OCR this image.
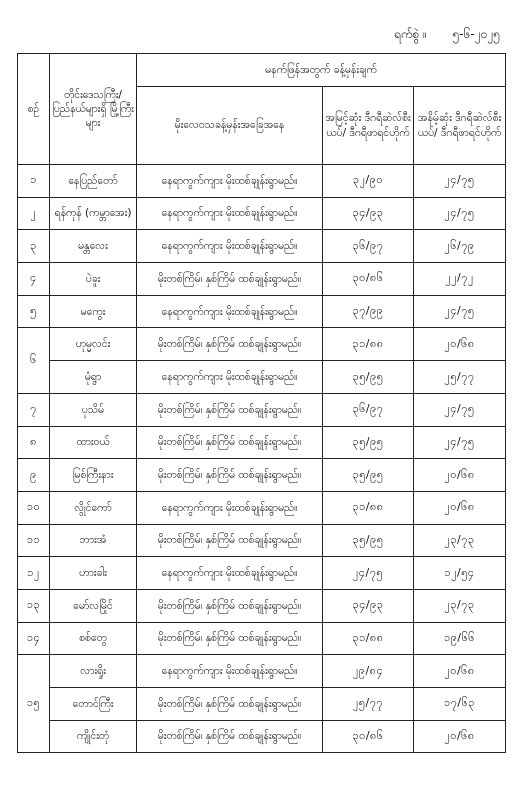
ရက်စွဲ ။ ၅-၆-၂၀၂၅
စဉ်	တိုင်းဒေသကြီး/ ပြည်နယ်များရှိ မြို့ကြီးများ	မနက်ဖြန်အတွက် ခန့်မှန်းချက်		
		မိုးလေဝသခန့်မှန်းအခြေအနေ	အမြင့်ဆုံး ဒီဂရီဆဲလ်စီးယပ်/ ဒီဂရီဖာရင်ဟိုက်	အနိမ့်ဆုံး ဒီဂရီဆဲလ်စီးယပ်/ ဒီဂရီဖာရင်ဟိုက်
၁	နေပြည်တော်	နေရာကွက်ကျား မိုးထစ်ချုန်းရွာမည်။	၃၂/၉၀	၂၄/၇၅
၂	ရန်ကုန် (ကမ္ဘာအေး)	နေရာကွက်ကျား မိုးထစ်ချုန်းရွာမည်။	၃၄/၉၃	၂၄/၇၅
၃	မန္တလေး	နေရာကွက်ကျား မိုးထစ်ချုန်းရွာမည်။	၃၆/၉၇	၂၆/၇၉
၄	ပဲခူး	မိုးတစ်ကြိမ်၊ နှစ်ကြိမ် ထစ်ချုန်းရွာမည်။	၃၀/၈၆	၂၂/၇၂
၅	မကွေး	နေရာကွက်ကျား မိုးထစ်ချုန်းရွာမည်။	၃၇/၉၉	၂၄/၇၅
၆	ဟုမ္မလင်း	မိုးတစ်ကြိမ်၊ နှစ်ကြိမ် ထစ်ချုန်းရွာမည်။	၃၁/၈၈	၂၀/၆၈
	မုံရွာ	နေရာကွက်ကျား မိုးထစ်ချုန်းရွာမည်။	၃၅/၉၅	၂၅/၇၇
၇	ပုသိမ်	မိုးတစ်ကြိမ်၊ နှစ်ကြိမ် ထစ်ချုန်းရွာမည်။	၃၆/၉၇	၂၄/၇၅
၈	ထားဝယ်	မိုးတစ်ကြိမ်၊ နှစ်ကြိမ် ထစ်ချုန်းရွာမည်။	၃၅/၉၅	၂၄/၇၅
၉	မြစ်ကြီးနား	မိုးတစ်ကြိမ်၊ နှစ်ကြိမ် ထစ်ချုန်းရွာမည်။	၃၅/၉၅	၂၀/၆၈
၁၀	လွိုင်ကော်	နေရာကွက်ကျား မိုးထစ်ချုန်းရွာမည်။	၃၁/၈၈	၂၀/၆၈
၁၁	ဘားအံ	မိုးတစ်ကြိမ်၊ နှစ်ကြိမ် ထစ်ချုန်းရွာမည်။	၃၅/၉၅	၂၃/၇၃
၁၂	ဟားခါး	နေရာကွက်ကျား မိုးထစ်ချုန်းရွာမည်။	၂၄/၇၅	၁၂/၅၄
၁၃	မော်လမြိုင်	မိုးတစ်ကြိမ်၊ နှစ်ကြိမ် ထစ်ချုန်းရွာမည်။	၃၄/၉၃	၂၃/၇၃
၁၄	စစ်တွေ	မိုးတစ်ကြိမ်၊ နှစ်ကြိမ် ထစ်ချုန်းရွာမည်။	၃၁/၈၈	၁၉/၆၆
၁၅	လားရှိုး	နေရာကွက်ကျား မိုးထစ်ချုန်းရွာမည်။	၂၉/၈၄	၂၀/၆၈
	တောင်ကြီး	မိုးတစ်ကြိမ်၊ နှစ်ကြိမ် ထစ်ချုန်းရွာမည်။	၂၅/၇၇	၁၇/၆၃
	ကျိုင်းတုံ	မိုးတစ်ကြိမ်၊ နှစ်ကြိမ် ထစ်ချုန်းရွာမည်။	၃၀/၈၆	၂၀/၆၈
